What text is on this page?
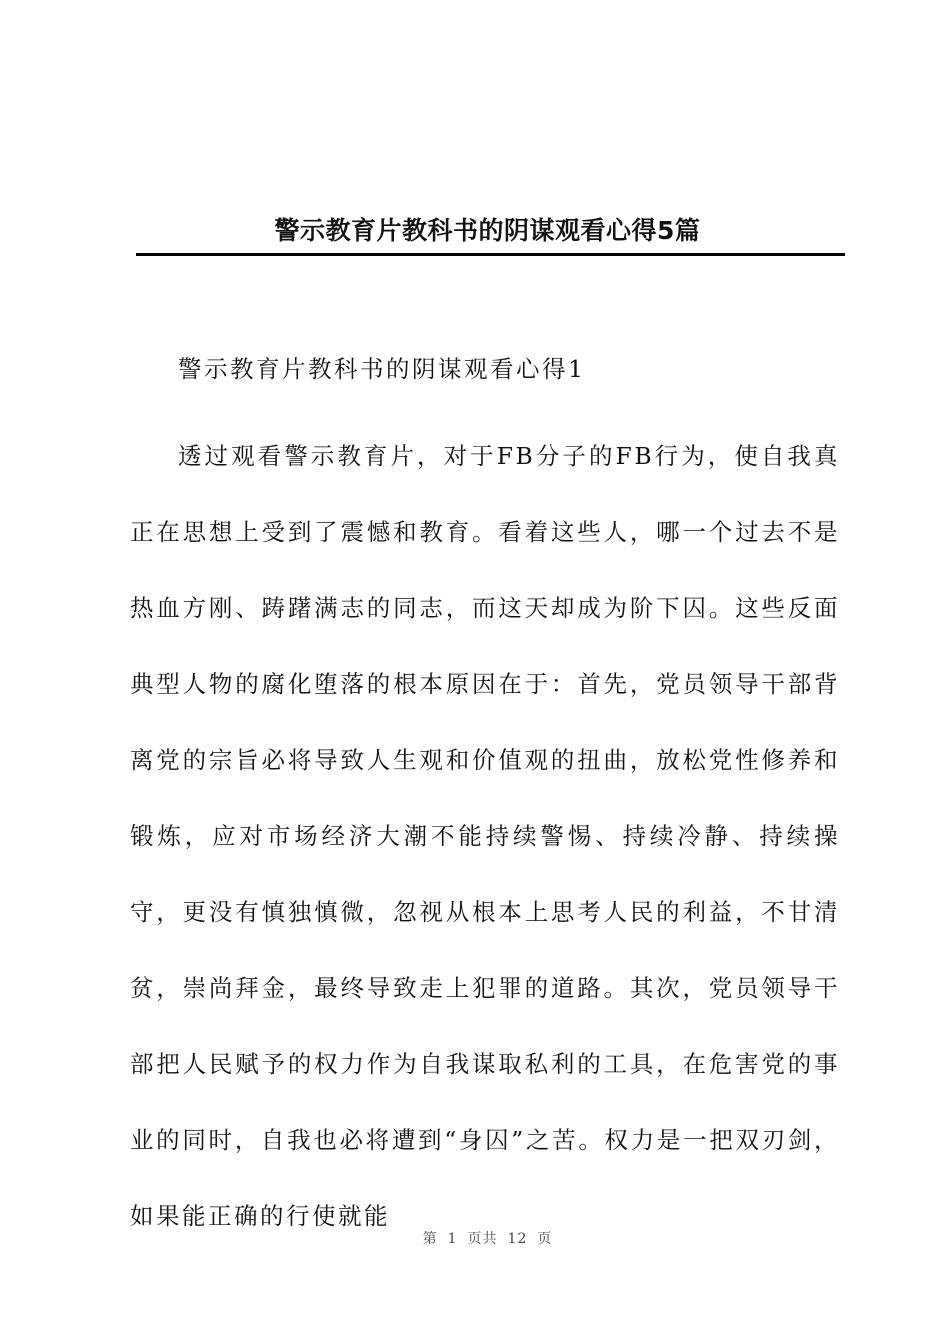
警示教育片教科书的阴谋观看心得5篇
警示教育片教科书的阴谋观看心得1

透过观看警示教育片，对于FB分子的FB行为，使自我真正在思想上受到了震憾和教育。看着这些人，哪一个过去不是热血方刚、踌躇满志的同志，而这天却成为阶下囚。这些反面典型人物的腐化堕落的根本原因在于：首先，党员领导干部背离党的宗旨必将导致人生观和价值观的扭曲，放松党性修养和锻炼，应对市场经济大潮不能持续警惕、持续冷静、持续操守，更没有慎独慎微，忽视从根本上思考人民的利益，不甘清贫，崇尚拜金，最终导致走上犯罪的道路。其次，党员领导干部把人民赋予的权力作为自我谋取私利的工具，在危害党的事业的同时，自我也必将遭到“身囚”之苦。权力是一把双刃剑，如果能正确的行使就能

第 1 页共 12 页
